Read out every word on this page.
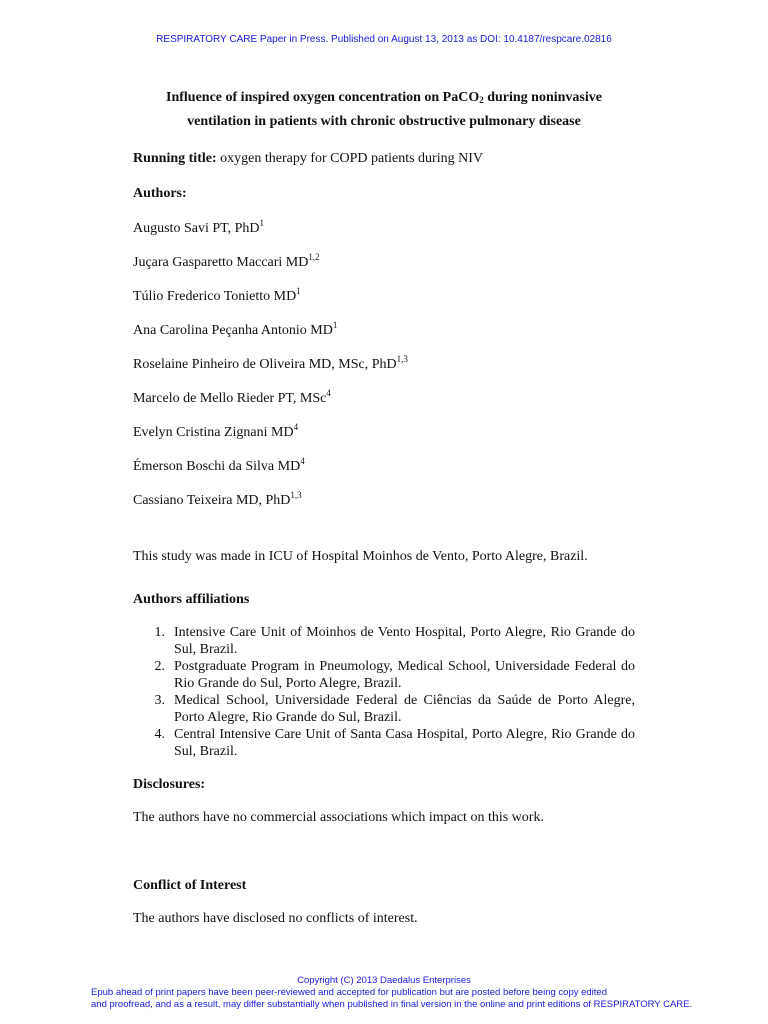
RESPIRATORY CARE Paper in Press. Published on August 13, 2013 as DOI: 10.4187/respcare.02816
Influence of inspired oxygen concentration on PaCO$_2$ during noninvasive
ventilation in patients with chronic obstructive pulmonary disease
Running title: oxygen therapy for COPD patients during NIV
Authors:
Augusto Savi PT, PhD$^1$
Juçara Gasparetto Maccari MD$^{1,2}$
Túlio Frederico Tonietto $MD^1$
Ana Carolina Peçanha Antonio $MD^1$
Roselaine Pinheiro de Oliveira MD, MSc, PhD$^{1,3}$
Marcelo de Mello Rieder PT, MSc$^4$
Evelyn Cristina Zignani $MD^4$
Émerson Boschi da Silva $MD^4$
Cassiano Teixeira MD, PhD$^{1,3}$
This study was made in ICU of Hospital Moinhos de Vento, Porto Alegre, Brazil.
Authors affiliations
1. Intensive Care Unit of Moinhos de Vento Hospital, Porto Alegre, Rio Grande do Sul, Brazil.
2. Postgraduate Program in Pneumology, Medical School, Universidade Federal do Rio Grande do Sul, Porto Alegre, Brazil.
3. Medical School, Universidade Federal de Ciências da Saúde de Porto Alegre, Porto Alegre, Rio Grande do Sul, Brazil.
4. Central Intensive Care Unit of Santa Casa Hospital, Porto Alegre, Rio Grande do Sul, Brazil.
Disclosures:
The authors have no commercial associations which impact on this work.
Conflict of Interest
The authors have disclosed no conflicts of interest.
Copyright (C) 2013 Daedalus Enterprises
Epub ahead of print papers have been peer-reviewed and accepted for publication but are posted before being copy edited
and proofread, and as a result, may differ substantially when published in final version in the online and print editions of RESPIRATORY CARE.
